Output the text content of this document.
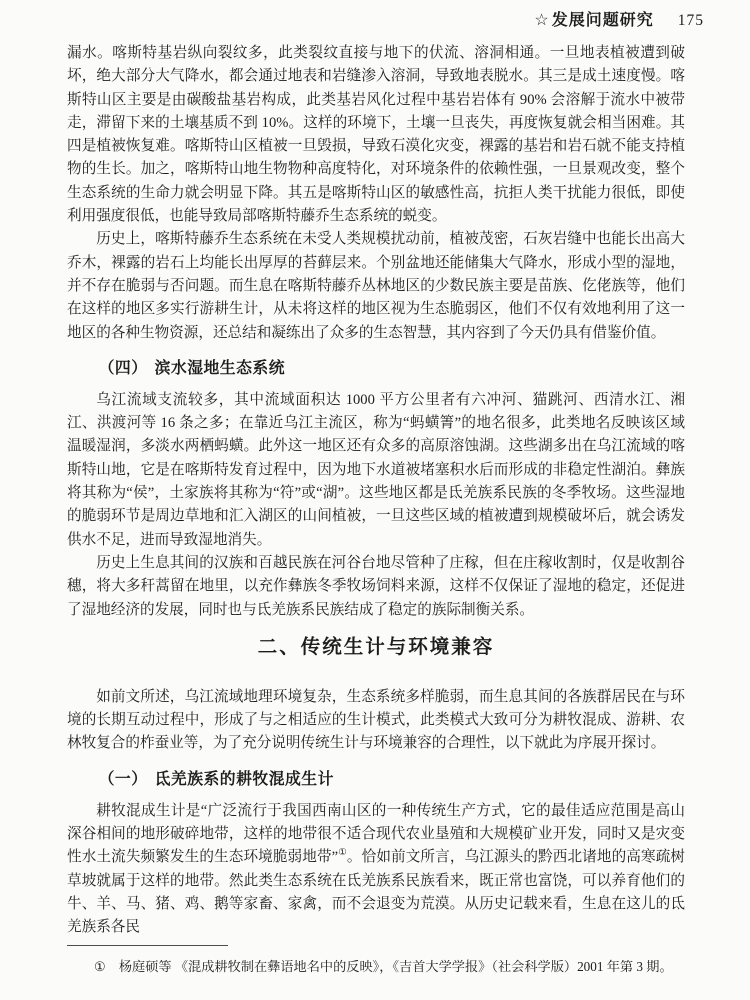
☆ 发展问题研究 175

漏水。喀斯特基岩纵向裂纹多，此类裂纹直接与地下的伏流、溶洞相通。一旦地表植被遭到破坏，绝大部分大气降水，都会通过地表和岩缝渗入溶洞，导致地表脱水。其三是成土速度慢。喀斯特山区主要是由碳酸盐基岩构成，此类基岩风化过程中基岩岩体有 90% 会溶解于流水中被带走，滞留下来的土壤基质不到 10%。这样的环境下，土壤一旦丧失，再度恢复就会相当困难。其四是植被恢复难。喀斯特山区植被一旦毁损，导致石漠化灾变，裸露的基岩和岩石就不能支持植物的生长。加之，喀斯特山地生物物种高度特化，对环境条件的依赖性强，一旦景观改变，整个生态系统的生命力就会明显下降。其五是喀斯特山区的敏感性高，抗拒人类干扰能力很低，即使利用强度很低，也能导致局部喀斯特藤乔生态系统的蜕变。

历史上，喀斯特藤乔生态系统在未受人类规模扰动前，植被茂密，石灰岩缝中也能长出高大乔木，裸露的岩石上均能长出厚厚的苔藓层来。个别盆地还能储集大气降水，形成小型的湿地，并不存在脆弱与否问题。而生息在喀斯特藤乔丛林地区的少数民族主要是苗族、仡佬族等，他们在这样的地区多实行游耕生计，从未将这样的地区视为生态脆弱区，他们不仅有效地利用了这一地区的各种生物资源，还总结和凝练出了众多的生态智慧，其内容到了今天仍具有借鉴价值。

（四） 滨水湿地生态系统

乌江流域支流较多，其中流域面积达 1000 平方公里者有六冲河、猫跳河、西清水江、湘江、洪渡河等 16 条之多；在靠近乌江主流区，称为“蚂蟥箐”的地名很多，此类地名反映该区域温暖湿润，多淡水两栖蚂蟥。此外这一地区还有众多的高原溶蚀湖。这些湖多出在乌江流域的喀斯特山地，它是在喀斯特发育过程中，因为地下水道被堵塞积水后而形成的非稳定性湖泊。彝族将其称为“侯”，土家族将其称为“符”或“湖”。这些地区都是氐羌族系民族的冬季牧场。这些湿地的脆弱环节是周边草地和汇入湖区的山间植被，一旦这些区域的植被遭到规模破坏后，就会诱发供水不足，进而导致湿地消失。

历史上生息其间的汉族和百越民族在河谷台地尽管种了庄稼，但在庄稼收割时，仅是收割谷穗，将大多秆蒿留在地里，以充作彝族冬季牧场饲料来源，这样不仅保证了湿地的稳定，还促进了湿地经济的发展，同时也与氐羌族系民族结成了稳定的族际制衡关系。

二、传统生计与环境兼容

如前文所述，乌江流域地理环境复杂，生态系统多样脆弱，而生息其间的各族群居民在与环境的长期互动过程中，形成了与之相适应的生计模式，此类模式大致可分为耕牧混成、游耕、农林牧复合的柞蚕业等，为了充分说明传统生计与环境兼容的合理性，以下就此为序展开探讨。

（一） 氐羌族系的耕牧混成生计

耕牧混成生计是“广泛流行于我国西南山区的一种传统生产方式，它的最佳适应范围是高山深谷相间的地形破碎地带，这样的地带很不适合现代农业垦殖和大规模矿业开发，同时又是灾变性水土流失频繁发生的生态环境脆弱地带”①。恰如前文所言，乌江源头的黔西北诸地的高寒疏树草坡就属于这样的地带。然此类生态系统在氐羌族系民族看来，既正常也富饶，可以养育他们的牛、羊、马、猪、鸡、鹅等家畜、家禽，而不会退变为荒漠。从历史记载来看，生息在这儿的氐羌族系各民

① 杨庭硕等 《混成耕牧制在彝语地名中的反映》，《吉首大学学报》（社会科学版）2001 年第 3 期。
